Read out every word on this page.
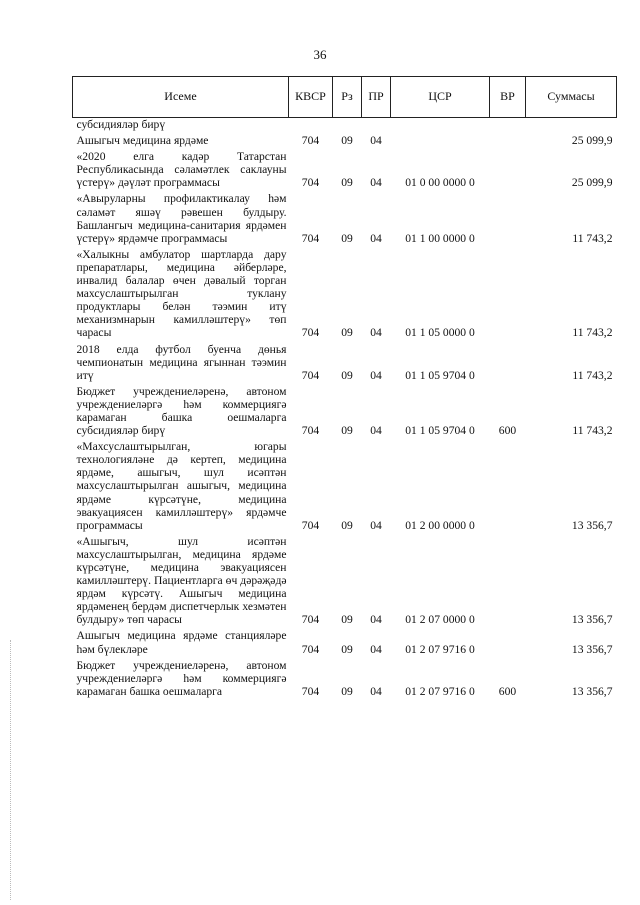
36
Исеме	КВСР	Рз	ПР	ЦСР	ВР	Суммасы
субсидияләр бирү						
Ашыгыч медицина ярдәме	704	09	04			25 099,9
«2020 елга кадәр Татарстан Республикасында сәламәтлек саклауны үстерү» дәүләт программасы	704	09	04	01 0 00 0000 0		25 099,9
«Авыруларны профилактикалау һәм сәламәт яшәү рәвешен булдыру. Башлангыч медицина-санитария ярдәмен үстерү» ярдәмче программасы	704	09	04	01 1 00 0000 0		11 743,2
«Халыкны амбулатор шартларда дару препаратлары, медицина әйберләре, инвалид балалар өчен дәвалый торган махсуслаштырылган туклану продуктлары белән тәэмин итү механизмнарын камилләштерү» төп чарасы	704	09	04	01 1 05 0000 0		11 743,2
2018 елда футбол буенча дөнья чемпионатын медицина ягыннан тәэмин итү	704	09	04	01 1 05 9704 0		11 743,2
Бюджет учреждениеләренә, автоном учреждениеләргә һәм коммерциягә карамаган башка оешмаларга субсидияләр бирү	704	09	04	01 1 05 9704 0	600	11 743,2
«Махсуслаштырылган, югары технологияләне дә кертеп, медицина ярдәме, ашыгыч, шул исәптән махсуслаштырылган ашыгыч, медицина ярдәме күрсәтүне, медицина эвакуациясен камилләштерү» ярдәмче программасы	704	09	04	01 2 00 0000 0		13 356,7
«Ашыгыч, шул исәптән махсуслаштырылган, медицина ярдәме күрсәтүне, медицина эвакуациясен камилләштерү. Пациентларга өч дәрәҗәдә ярдәм күрсәтү. Ашыгыч медицина ярдәменең бердәм диспетчерлык хезмәтен булдыру» төп чарасы	704	09	04	01 2 07 0000 0		13 356,7
Ашыгыч медицина ярдәме станцияләре һәм бүлекләре	704	09	04	01 2 07 9716 0		13 356,7
Бюджет учреждениеләренә, автоном учреждениеләргә һәм коммерциягә карамаган башка оешмаларга	704	09	04	01 2 07 9716 0	600	13 356,7
